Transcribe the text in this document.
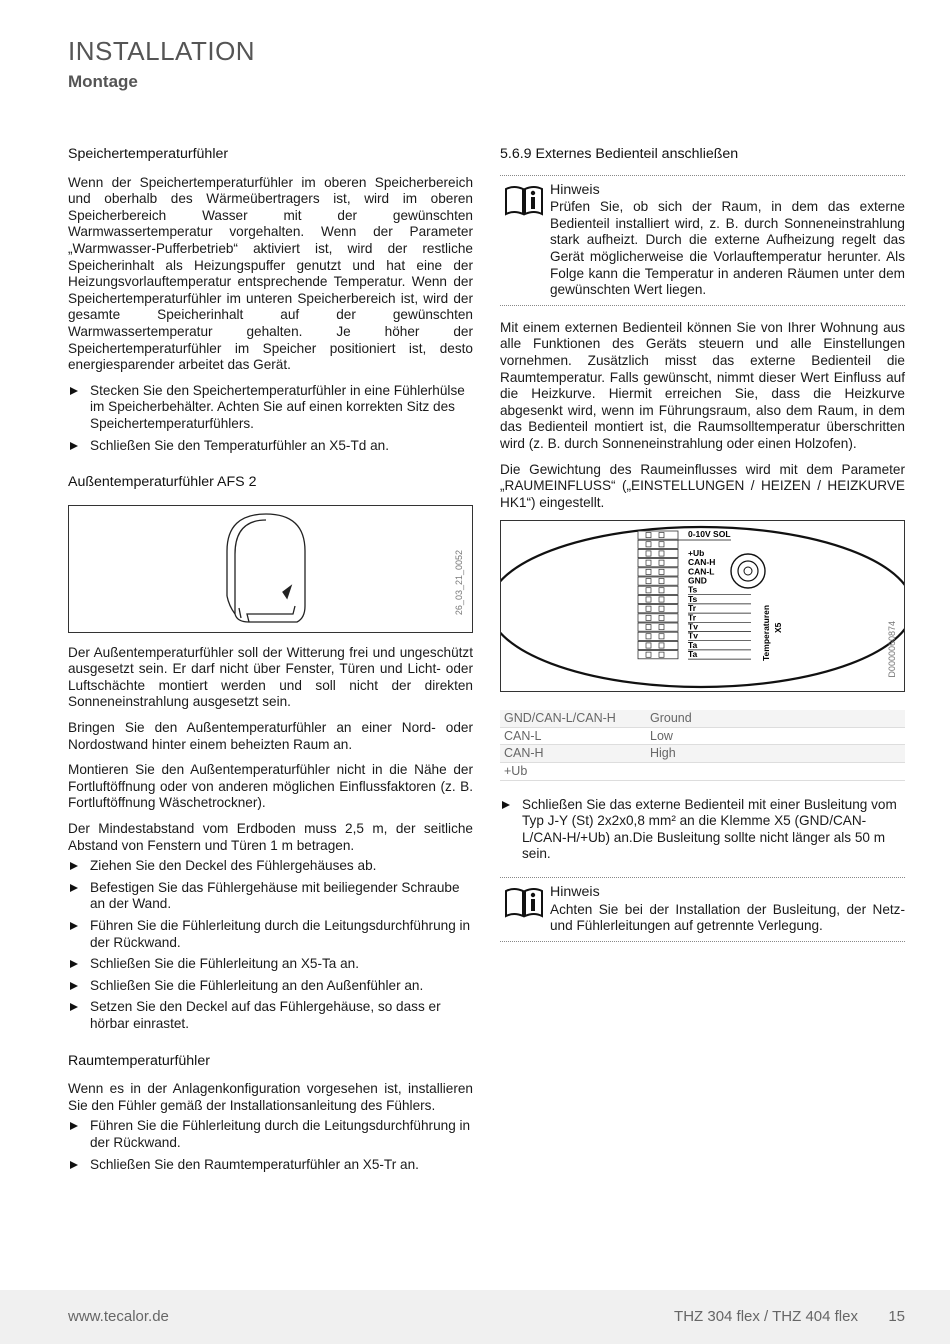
INSTALLATION
Montage
Speichertemperaturfühler

Wenn der Speichertemperaturfühler im oberen Speicherbereich und oberhalb des Wärmeübertragers ist, wird im oberen Speicherbereich Wasser mit der gewünschten Warmwassertemperatur vorgehalten. Wenn der Parameter „Warmwasser-Pufferbetrieb“ aktiviert ist, wird der restliche Speicherinhalt als Heizungspuffer genutzt und hat eine der Heizungsvorlauftemperatur entsprechende Temperatur. Wenn der Speichertemperaturfühler im unteren Speicherbereich ist, wird der gesamte Speicherinhalt auf der gewünschten Warmwassertemperatur gehalten. Je höher der Speichertemperaturfühler im Speicher positioniert ist, desto energiesparender arbeitet das Gerät.

Stecken Sie den Speichertemperaturfühler in eine Fühlerhülse im Speicherbehälter. Achten Sie auf einen korrekten Sitz des Speichertemperaturfühlers.
Schließen Sie den Temperaturfühler an X5-Td an.
Außentemperaturfühler AFS 2
26_03_21_0052

Der Außentemperaturfühler soll der Witterung frei und ungeschützt ausgesetzt sein. Er darf nicht über Fenster, Türen und Licht- oder Luftschächte montiert werden und soll nicht der direkten Sonneneinstrahlung ausgesetzt sein.

Bringen Sie den Außentemperaturfühler an einer Nord- oder Nordostwand hinter einem beheizten Raum an.

Montieren Sie den Außentemperaturfühler nicht in die Nähe der Fortluftöffnung oder von anderen möglichen Einflussfaktoren (z. B. Fortluftöffnung Wäschetrockner).

Der Mindestabstand vom Erdboden muss 2,5 m, der seitliche Abstand von Fenstern und Türen 1 m betragen.

Ziehen Sie den Deckel des Fühlergehäuses ab.
Befestigen Sie das Fühlergehäuse mit beiliegender Schraube an der Wand.
Führen Sie die Fühlerleitung durch die Leitungsdurchführung in der Rückwand.
Schließen Sie die Fühlerleitung an X5-Ta an.
Schließen Sie die Fühlerleitung an den Außenfühler an.
Setzen Sie den Deckel auf das Fühlergehäuse, so dass er hörbar einrastet.
Raumtemperaturfühler

Wenn es in der Anlagenkonfiguration vorgesehen ist, installieren Sie den Fühler gemäß der Installationsanleitung des Fühlers.

Führen Sie die Fühlerleitung durch die Leitungsdurchführung in der Rückwand.
Schließen Sie den Raumtemperaturfühler an X5-Tr an.
5.6.9 Externes Bedienteil anschließen
Hinweis
Prüfen Sie, ob sich der Raum, in dem das externe Bedienteil installiert wird, z. B. durch Sonneneinstrahlung stark aufheizt. Durch die externe Aufheizung regelt das Gerät möglicherweise die Vorlauftemperatur herunter. Als Folge kann die Temperatur in anderen Räumen unter dem gewünschten Wert liegen.

Mit einem externen Bedienteil können Sie von Ihrer Wohnung aus alle Funktionen des Geräts steuern und alle Einstellungen vornehmen. Zusätzlich misst das externe Bedienteil die Raumtemperatur. Falls gewünscht, nimmt dieser Wert Einfluss auf die Heizkurve. Hiermit erreichen Sie, dass die Heizkurve abgesenkt wird, wenn im Führungsraum, also dem Raum, in dem das Bedienteil montiert ist, die Raumsolltemperatur überschritten wird (z. B. durch Sonneneinstrahlung oder einen Holzofen).

Die Gewichtung des Raumeinflusses wird mit dem Parameter „RAUMEINFLUSS“ („EINSTELLUNGEN / HEIZEN / HEIZKURVE HK1“) eingestellt.

0-10V SOL
+Ub
CAN-H
CAN-L
GND
Ts
Ts
Tr
Tr
Tv
Tv
Ta
Ta	Temperaturen X5	D0000060874
GND/CAN-L/CAN-H	Ground
CAN-L	Low
CAN-H	High
+Ub	
Schließen Sie das externe Bedienteil mit einer Busleitung vom Typ J-Y (St) 2x2x0,8 mm² an die Klemme X5 (GND/CAN-L/CAN-H/+Ub) an.Die Busleitung sollte nicht länger als 50 m sein.
Hinweis
Achten Sie bei der Installation der Busleitung, der Netz- und Fühlerleitungen auf getrennte Verlegung.
www.tecalor.de	THZ 304 flex / THZ 404 flex 15
